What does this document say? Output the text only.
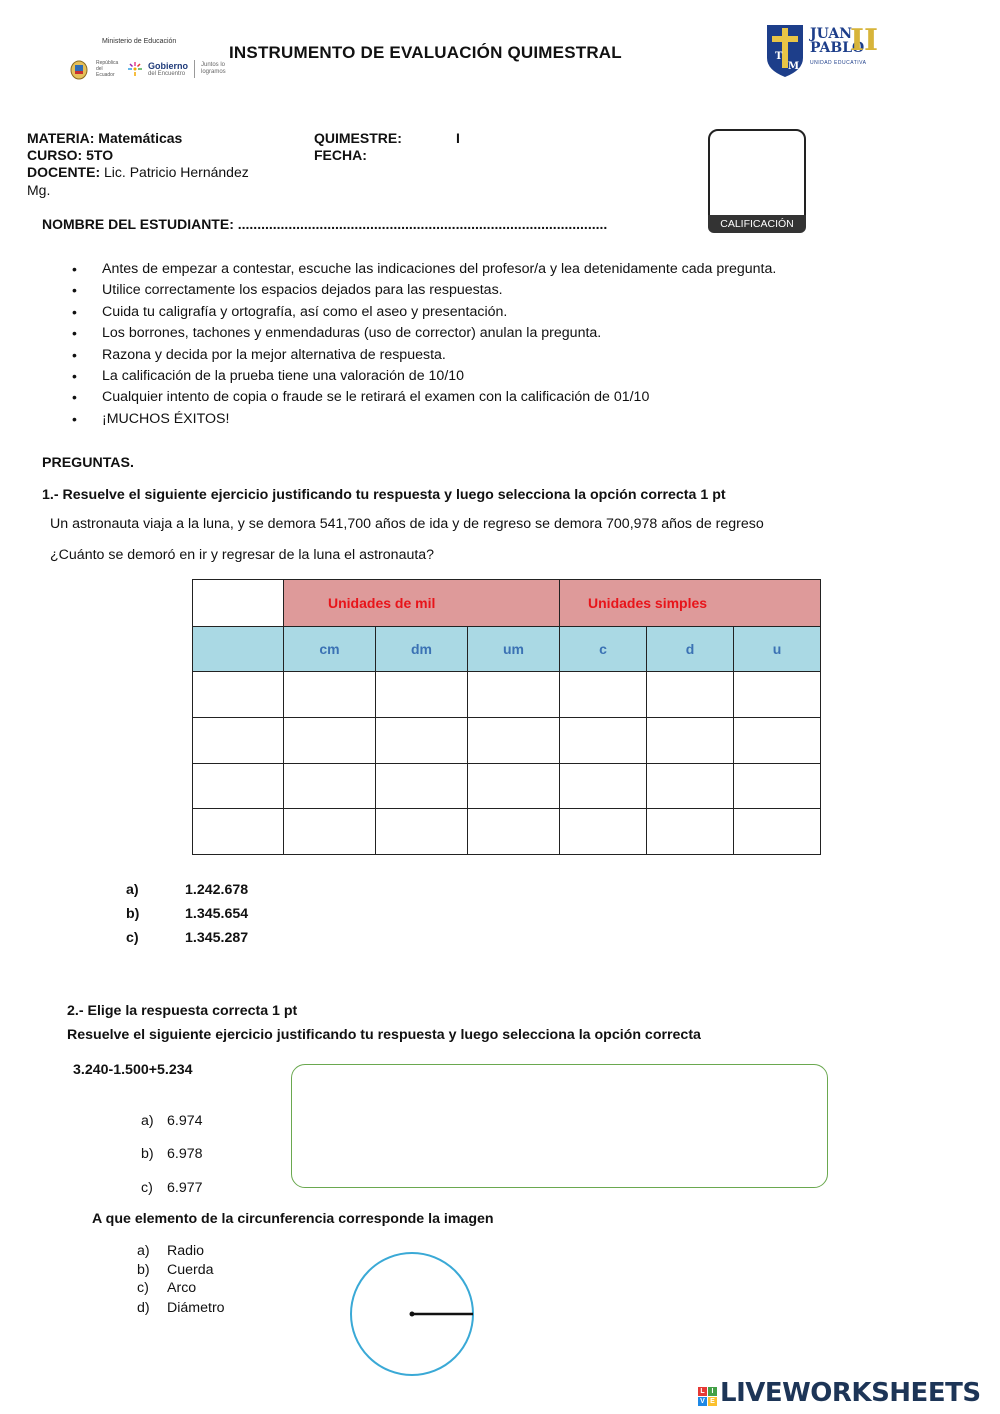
Ministerio de Educación
República del Ecuador
Gobierno
del Encuentro
Juntos lo logramos
INSTRUMENTO DE EVALUACIÓN QUIMESTRAL	T
M
JUAN
PABLO
II
UNIDAD EDUCATIVA
MATERIA: Matemáticas
CURSO: 5TO
DOCENTE: Lic. Patricio Hernández
Mg.
QUIMESTRE:	I
FECHA:
CALIFICACIÓN
NOMBRE DEL ESTUDIANTE: ...............................................................................................
• Antes de empezar a contestar, escuche las indicaciones del profesor/a y lea detenidamente cada pregunta.
• Utilice correctamente los espacios dejados para las respuestas.
• Cuida tu caligrafía y ortografía, así como el aseo y presentación.
• Los borrones, tachones y enmendaduras (uso de corrector) anulan la pregunta.
• Razona y decida por la mejor alternativa de respuesta.
• La calificación de la prueba tiene una valoración de 10/10
• Cualquier intento de copia o fraude se le retirará el examen con la calificación de 01/10
• ¡MUCHOS ÉXITOS!
PREGUNTAS.
1.- Resuelve el siguiente ejercicio justificando tu respuesta y luego selecciona la opción correcta 1 pt
Un astronauta viaja a la luna, y se demora 541,700 años de ida y de regreso se demora 700,978 años de regreso
¿Cuánto se demoró en ir y regresar de la luna el astronauta?
	Unidades de mil			Unidades simples		
	cm	dm	um	c	d	u

a)	1.242.678
b)	1.345.654
c)	1.345.287
2.- Elige la respuesta correcta 1 pt
Resuelve el siguiente ejercicio justificando tu respuesta y luego selecciona la opción correcta
3.240-1.500+5.234
a) 6.974
b) 6.978
c) 6.977
A que elemento de la circunferencia corresponde la imagen
a) Radio
b) Cuerda
c) Arco
d) Diámetro
L I
V E LIVEWORKSHEETS
